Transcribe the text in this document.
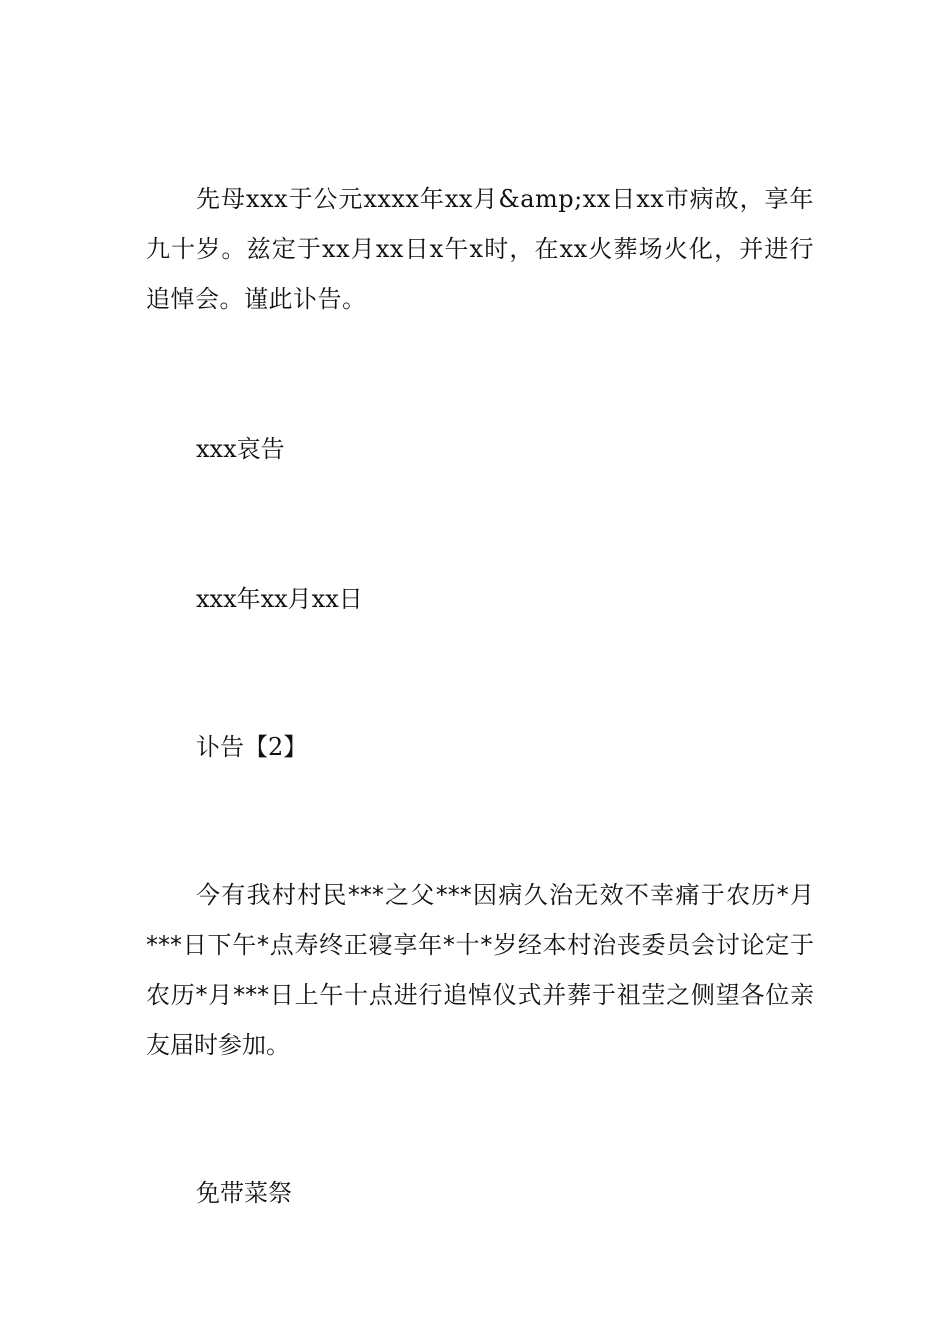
先母xxx于公元xxxx年xx月&amp;xx日xx市病故，享年九十岁。兹定于xx月xx日x午x时，在xx火葬场火化，并进行追悼会。谨此讣告。

xxx哀告

xxx年xx月xx日

讣告【2】

今有我村村民***之父***因病久治无效不幸痛于农历*月***日下午*点寿终正寝享年*十*岁经本村治丧委员会讨论定于农历*月***日上午十点进行追悼仪式并葬于祖茔之侧望各位亲友届时参加。

免带菜祭
